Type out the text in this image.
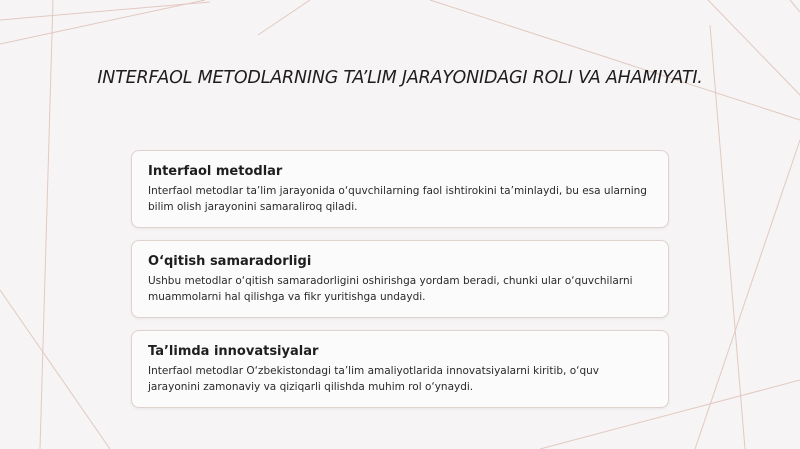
INTERFAOL METODLARNING TA’LIM JARAYONIDAGI ROLI VA AHAMIYATI.
Interfaol metodlar

Interfaol metodlar ta’lim jarayonida o‘quvchilarning faol ishtirokini ta’minlaydi, bu esa ularning bilim olish jarayonini samaraliroq qiladi.

O‘qitish samaradorligi

Ushbu metodlar o‘qitish samaradorligini oshirishga yordam beradi, chunki ular o‘quvchilarni muammolarni hal qilishga va fikr yuritishga undaydi.

Ta’limda innovatsiyalar

Interfaol metodlar O‘zbekistondagi ta’lim amaliyotlarida innovatsiyalarni kiritib, o‘quv jarayonini zamonaviy va qiziqarli qilishda muhim rol o‘ynaydi.
